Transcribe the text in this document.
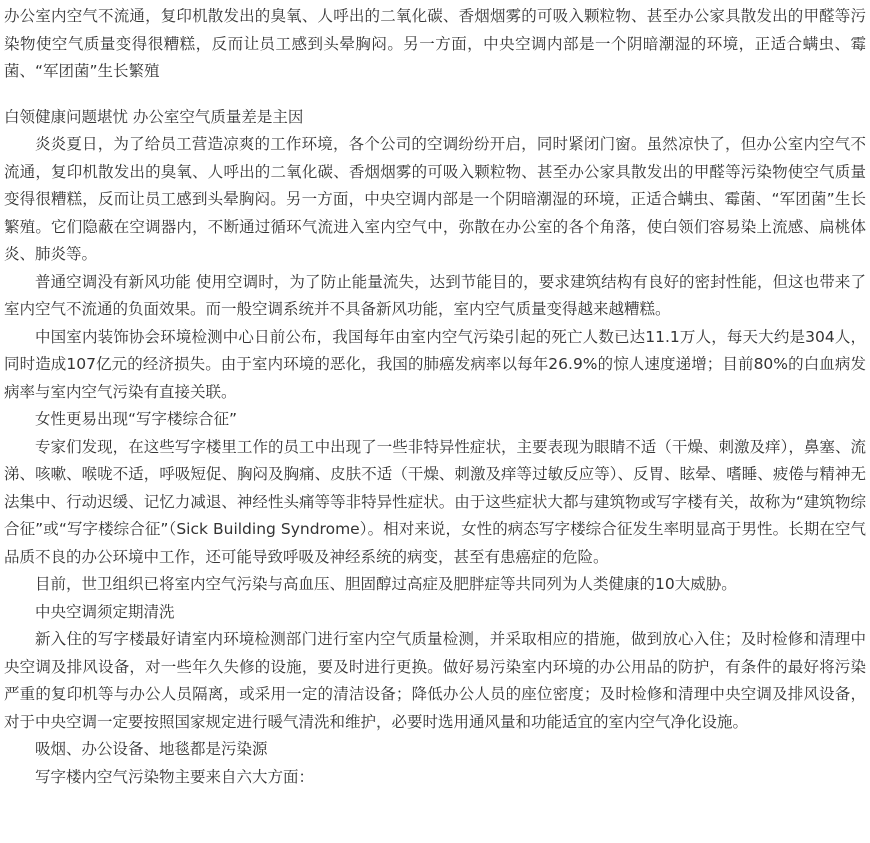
办公室内空气不流通，复印机散发出的臭氧、人呼出的二氧化碳、香烟烟雾的可吸入颗粒物、甚至办公家具散发出的甲醛等污染物使空气质量变得很糟糕，反而让员工感到头晕胸闷。另一方面，中央空调内部是一个阴暗潮湿的环境，正适合螨虫、霉菌、“军团菌”生长繁殖

白领健康问题堪忧 办公室空气质量差是主因

炎炎夏日，为了给员工营造凉爽的工作环境，各个公司的空调纷纷开启，同时紧闭门窗。虽然凉快了，但办公室内空气不流通，复印机散发出的臭氧、人呼出的二氧化碳、香烟烟雾的可吸入颗粒物、甚至办公家具散发出的甲醛等污染物使空气质量变得很糟糕，反而让员工感到头晕胸闷。另一方面，中央空调内部是一个阴暗潮湿的环境，正适合螨虫、霉菌、“军团菌”生长繁殖。它们隐蔽在空调器内，不断通过循环气流进入室内空气中，弥散在办公室的各个角落，使白领们容易染上流感、扁桃体炎、肺炎等。

普通空调没有新风功能 使用空调时，为了防止能量流失，达到节能目的，要求建筑结构有良好的密封性能，但这也带来了室内空气不流通的负面效果。而一般空调系统并不具备新风功能，室内空气质量变得越来越糟糕。

中国室内装饰协会环境检测中心日前公布，我国每年由室内空气污染引起的死亡人数已达11.1万人，每天大约是304人，同时造成107亿元的经济损失。由于室内环境的恶化，我国的肺癌发病率以每年26.9%的惊人速度递增；目前80%的白血病发病率与室内空气污染有直接关联。

女性更易出现“写字楼综合征”

专家们发现，在这些写字楼里工作的员工中出现了一些非特异性症状，主要表现为眼睛不适（干燥、刺激及痒），鼻塞、流涕、咳嗽、喉咙不适，呼吸短促、胸闷及胸痛、皮肤不适（干燥、刺激及痒等过敏反应等）、反胃、眩晕、嗜睡、疲倦与精神无法集中、行动迟缓、记忆力减退、神经性头痛等等非特异性症状。由于这些症状大都与建筑物或写字楼有关，故称为“建筑物综合征”或“写字楼综合征”（Sick Building Syndrome）。相对来说，女性的病态写字楼综合征发生率明显高于男性。长期在空气品质不良的办公环境中工作，还可能导致呼吸及神经系统的病变，甚至有患癌症的危险。

目前，世卫组织已将室内空气污染与高血压、胆固醇过高症及肥胖症等共同列为人类健康的10大威胁。

中央空调须定期清洗

新入住的写字楼最好请室内环境检测部门进行室内空气质量检测，并采取相应的措施，做到放心入住；及时检修和清理中央空调及排风设备，对一些年久失修的设施，要及时进行更换。做好易污染室内环境的办公用品的防护，有条件的最好将污染严重的复印机等与办公人员隔离，或采用一定的清洁设备；降低办公人员的座位密度；及时检修和清理中央空调及排风设备，对于中央空调一定要按照国家规定进行暖气清洗和维护，必要时选用通风量和功能适宜的室内空气净化设施。

吸烟、办公设备、地毯都是污染源

写字楼内空气污染物主要来自六大方面：
